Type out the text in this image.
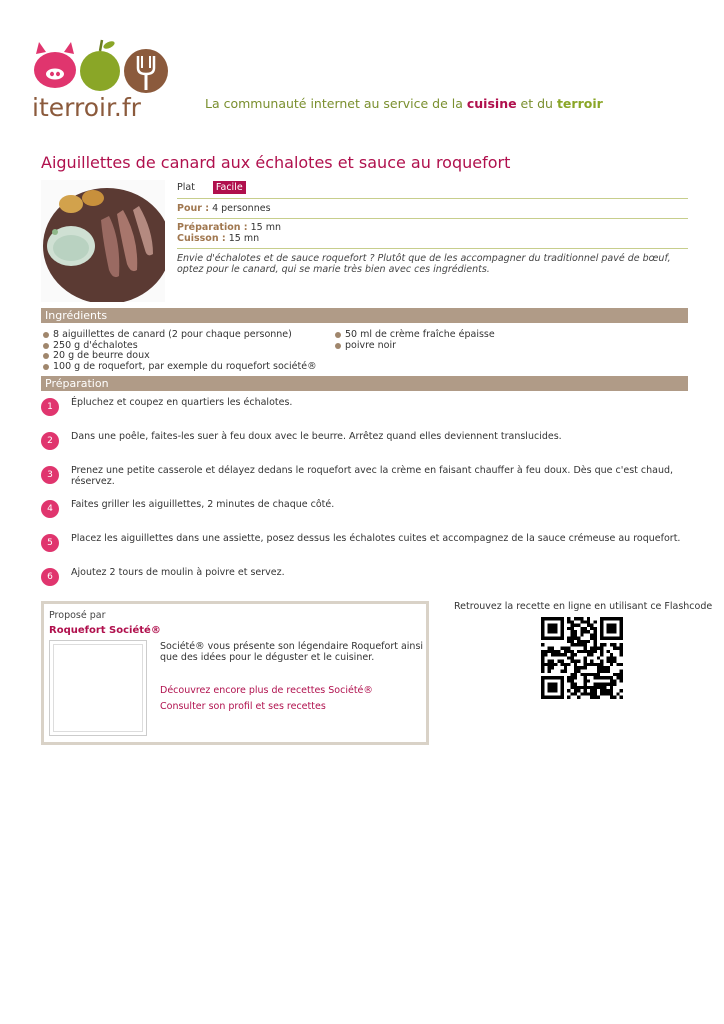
iterroir.fr	La communauté internet au service de la cuisine et du terroir
Aiguillettes de canard aux échalotes et sauce au roquefort
Plat	Facile
Pour : 4 personnes
Préparation : 15 mn
Cuisson : 15 mn
Envie d'échalotes et de sauce roquefort ? Plutôt que de les accompagner du traditionnel pavé de bœuf, optez pour le canard, qui se marie très bien avec ces ingrédients.
Ingrédients
8 aiguillettes de canard (2 pour chaque personne)
250 g d'échalotes
20 g de beurre doux
100 g de roquefort, par exemple du roquefort société®
50 ml de crème fraîche épaisse
poivre noir
Préparation
1	Épluchez et coupez en quartiers les échalotes.
2	Dans une poêle, faites-les suer à feu doux avec le beurre. Arrêtez quand elles deviennent translucides.
3	Prenez une petite casserole et délayez dedans le roquefort avec la crème en faisant chauffer à feu doux. Dès que c'est chaud, réservez.
4	Faites griller les aiguillettes, 2 minutes de chaque côté.
5	Placez les aiguillettes dans une assiette, posez dessus les échalotes cuites et accompagnez de la sauce crémeuse au roquefort.
6	Ajoutez 2 tours de moulin à poivre et servez.
Proposé par
Roquefort Société®
Société® vous présente son légendaire Roquefort ainsi que des idées pour le déguster et le cuisiner.
Découvrez encore plus de recettes Société®
Consulter son profil et ses recettes
Retrouvez la recette en ligne en utilisant ce Flashcode
